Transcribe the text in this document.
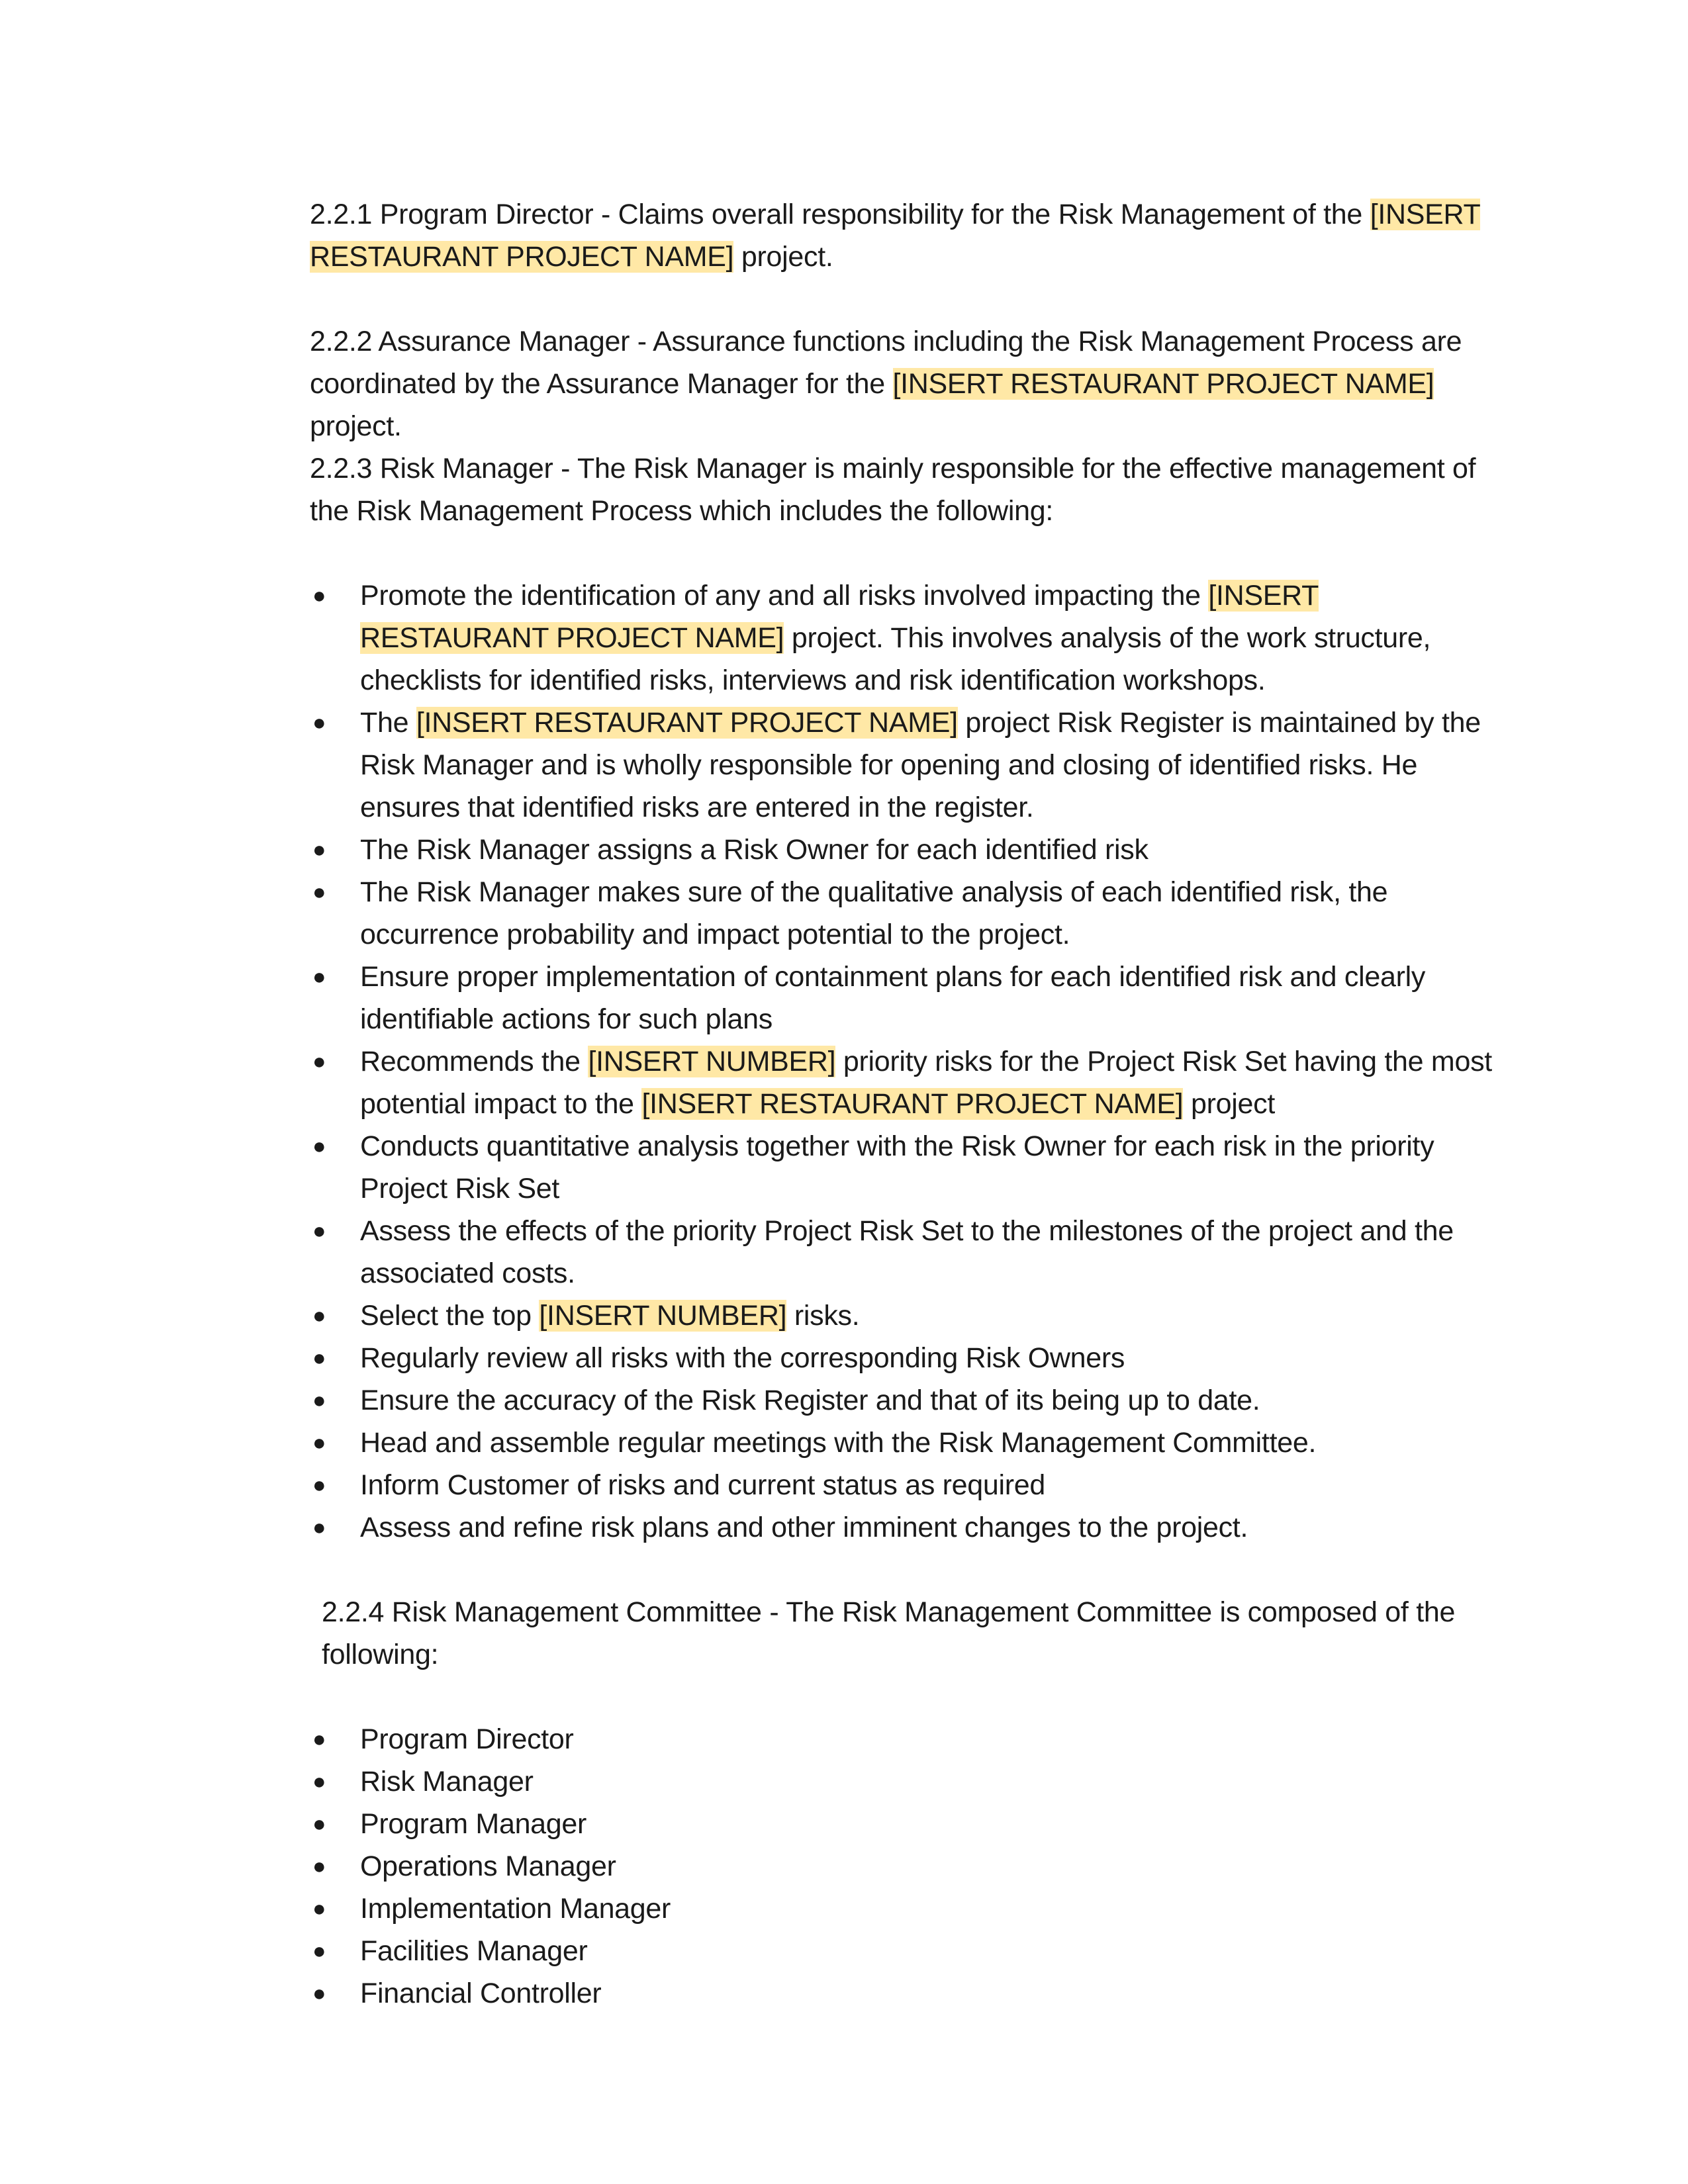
2.2.1 Program Director - Claims overall responsibility for the Risk Management of the [INSERT RESTAURANT PROJECT NAME] project.

2.2.2 Assurance Manager - Assurance functions including the Risk Management Process are coordinated by the Assurance Manager for the [INSERT RESTAURANT PROJECT NAME] project.

2.2.3 Risk Manager - The Risk Manager is mainly responsible for the effective management of the Risk Management Process which includes the following:

●	Promote the identification of any and all risks involved impacting the [INSERT RESTAURANT PROJECT NAME] project. This involves analysis of the work structure, checklists for identified risks, interviews and risk identification workshops.
●	The [INSERT RESTAURANT PROJECT NAME] project Risk Register is maintained by the Risk Manager and is wholly responsible for opening and closing of identified risks. He ensures that identified risks are entered in the register.
●	The Risk Manager assigns a Risk Owner for each identified risk
●	The Risk Manager makes sure of the qualitative analysis of each identified risk, the occurrence probability and impact potential to the project.
●	Ensure proper implementation of containment plans for each identified risk and clearly identifiable actions for such plans
●	Recommends the [INSERT NUMBER] priority risks for the Project Risk Set having the most potential impact to the [INSERT RESTAURANT PROJECT NAME] project
●	Conducts quantitative analysis together with the Risk Owner for each risk in the priority Project Risk Set
●	Assess the effects of the priority Project Risk Set to the milestones of the project and the associated costs.
●	Select the top [INSERT NUMBER] risks.
●	Regularly review all risks with the corresponding Risk Owners
●	Ensure the accuracy of the Risk Register and that of its being up to date.
●	Head and assemble regular meetings with the Risk Management Committee.
●	Inform Customer of risks and current status as required
●	Assess and refine risk plans and other imminent changes to the project.

2.2.4 Risk Management Committee - The Risk Management Committee is composed of the following:

●	Program Director
●	Risk Manager
●	Program Manager
●	Operations Manager
●	Implementation Manager
●	Facilities Manager
●	Financial Controller
